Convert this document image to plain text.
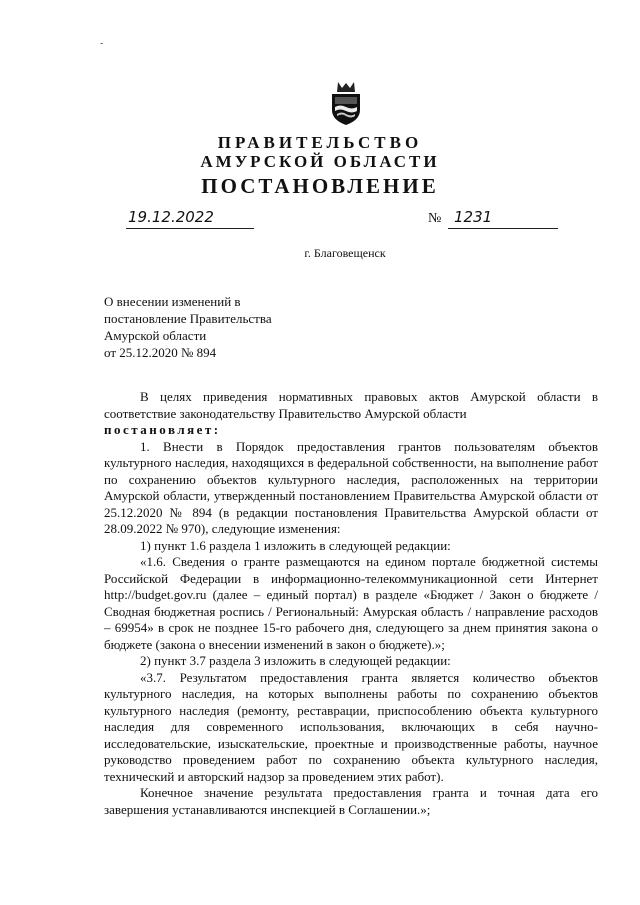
-
ПРАВИТЕЛЬСТВО
АМУРСКОЙ ОБЛАСТИ
ПОСТАНОВЛЕНИЕ
19.12.2022	№ 1231
г. Благовещенск
О внесении изменений в
постановление Правительства
Амурской области
от 25.12.2020 № 894

В целях приведения нормативных правовых актов Амурской области в соответствие законодательству Правительство Амурской области

постановляет:

1. Внести в Порядок предоставления грантов пользователям объектов культурного наследия, находящихся в федеральной собственности, на выполнение работ по сохранению объектов культурного наследия, расположенных на территории Амурской области, утвержденный постановлением Правительства Амурской области от 25.12.2020 № 894 (в редакции постановления Правительства Амурской области от 28.09.2022 № 970), следующие изменения:

1) пункт 1.6 раздела 1 изложить в следующей редакции:

«1.6. Сведения о гранте размещаются на едином портале бюджетной системы Российской Федерации в информационно-телекоммуникационной сети Интернет http://budget.gov.ru (далее – единый портал) в разделе «Бюджет / Закон о бюджете / Сводная бюджетная роспись / Региональный: Амурская область / направление расходов – 69954» в срок не позднее 15-го рабочего дня, следующего за днем принятия закона о бюджете (закона о внесении изменений в закон о бюджете).»;

2) пункт 3.7 раздела 3 изложить в следующей редакции:

«3.7. Результатом предоставления гранта является количество объектов культурного наследия, на которых выполнены работы по сохранению объектов культурного наследия (ремонту, реставрации, приспособлению объекта культурного наследия для современного использования, включающих в себя научно-исследовательские, изыскательские, проектные и производственные работы, научное руководство проведением работ по сохранению объекта культурного наследия, технический и авторский надзор за проведением этих работ).

Конечное значение результата предоставления гранта и точная дата его завершения устанавливаются инспекцией в Соглашении.»;
